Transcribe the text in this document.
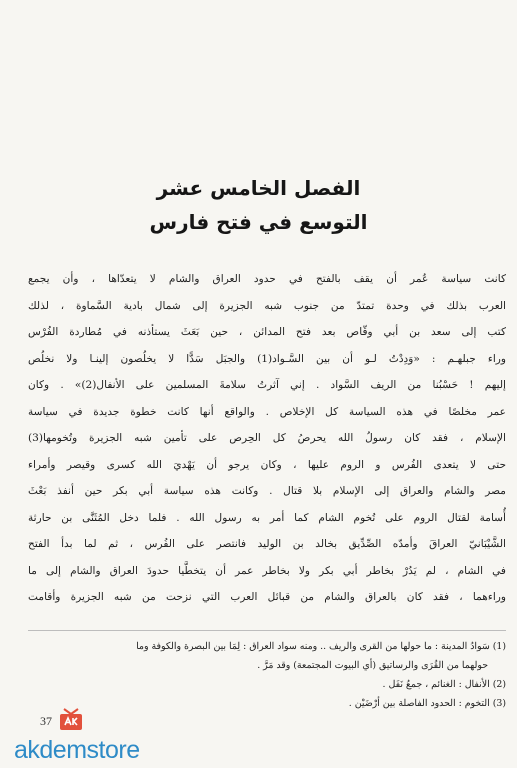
الفصل الخامس عشر
التوسع في فتح فارس
كانت سياسة عُمر أن يقف بالفتح في حدود العراق والشام لا يتعدّاها ، وأن يجمع
العرب بذلك في وحدة تمتدّ من جنوب شبه الجزيرة إلى شمال بادية السَّماوة ، لذلك
كتب إلى سعد بن أبي وقّاص بعد فتح المدائن ، حين بَعَثَ يستأذنه في مُطاردة الفُرْس
وراء جبلهـم : «وَدِدْتُ لـو أن بين السَّـواد(1) والجبَل سَدًّا لا يخلُصون إلينـا ولا نخلُص
إليهم ! حَسْبُنا من الريف السَّواد . إني آثرتُ سلامةَ المسلمين على الأنفال(2)» . وكان
عمر مخلصًا في هذه السياسة كل الإخلاص . والواقع أنها كانت خطوة جديدة في سياسة
الإسلام ، فقد كان رسولُ الله يحرصُ كل الحِرص على تأمين شبه الجزيرة وتُخومها(3)
حتى لا يتعدى الفُرس و الروم عليها ، وكان يرجو أن يَهْديَ الله كسرى وقيصر وأمراء
مصر والشام والعراق إلى الإسلام بلا قتال . وكانت هذه سياسة أبي بكر حين أنفذ بَعْثَ
أُسامة لقتال الروم على تُخوم الشام كما أمر به رسول الله . فلما دخل المُثَنَّى بن حارثة
الشَّيْبَانيّ العراقَ وأمدّه الصِّدِّيق بخالد بن الوليد فانتصر على الفُرس ، ثم لما بدأ الفتح
في الشام ، لم يَدُرْ بخاطر أبي بكر ولا بخاطر عمر أن يتخطَّيا حدودَ العراق والشام إلى ما
وراءهما ، فقد كان بالعراق والشام من قبائل العرب التي نزحت من شبه الجزيرة وأقامت
(1) سَوادُ المدينة : ما حولها من القرى والريف .. ومنه سواد العراق : لِمَا بين البصرة والكوفة وما
حولهما من القُرَى والرساتيق (أي البيوت المجتمعة) وقد مَرَّ .
(2) الأنفال : الغنائم ، جمعُ نَفَل .
(3) التخوم : الحدود الفاصلة بين أرْضَيْن .
37
akdemstore
